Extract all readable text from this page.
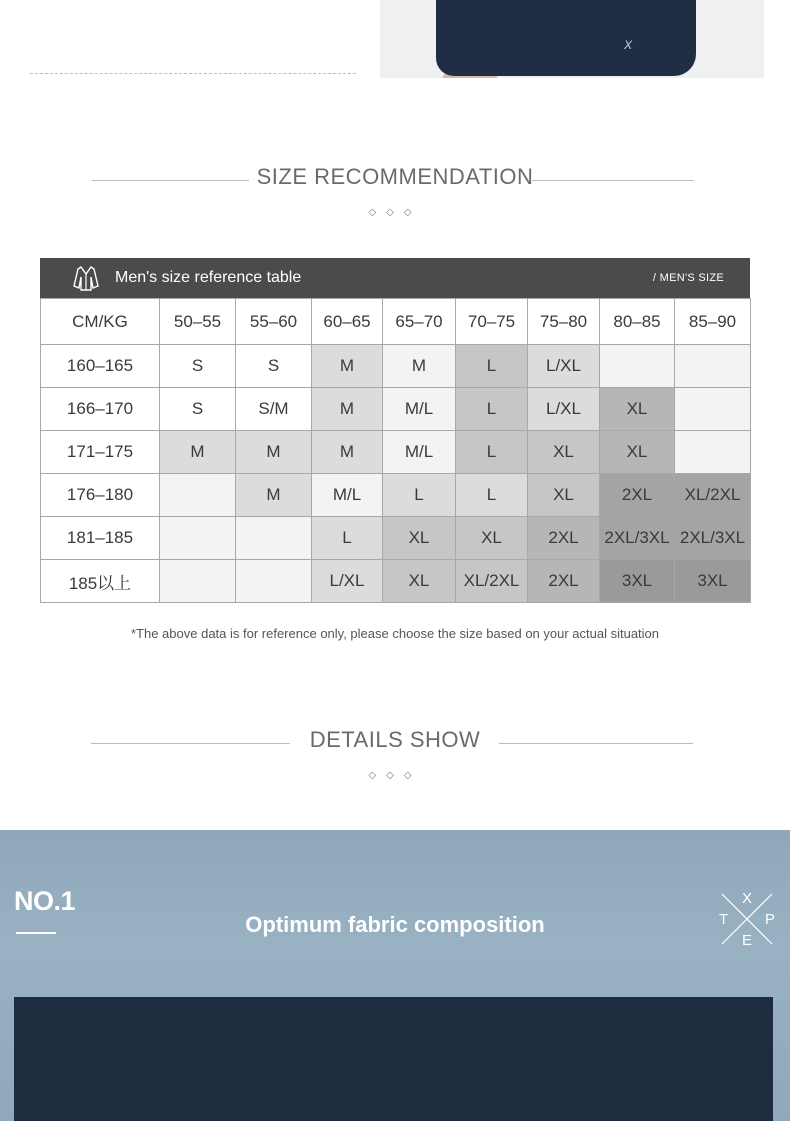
X
SIZE RECOMMENDATION
◇◇◇
Men's size reference table	/ MEN'S SIZE
CM/KG	50–55	55–60	60–65	65–70	70–75	75–80	80–85	85–90
160–165	S	S	M	M	L	L/XL		
166–170	S	S/M	M	M/L	L	L/XL	XL	
171–175	M	M	M	M/L	L	XL	XL	
176–180		M	M/L	L	L	XL	2XL	XL/2XL
181–185			L	XL	XL	2XL	2XL/3XL	2XL/3XL
185以上			L/XL	XL	XL/2XL	2XL	3XL	3XL
*The above data is for reference only, please choose the size based on your actual situation
DETAILS SHOW
◇◇◇
NO.1
Optimum fabric composition
X
T P
E
